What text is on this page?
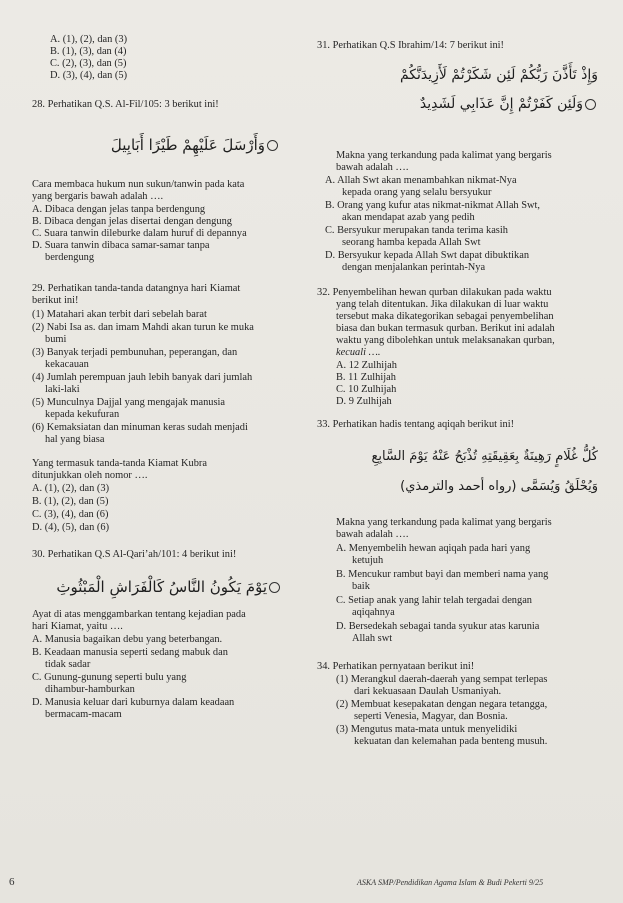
A. (1), (2), dan (3)
B. (1), (3), dan (4)
C. (2), (3), dan (5)
D. (3), (4), dan (5)
28. Perhatikan Q.S. Al-Fil/105: 3 berikut ini!
وَأَرْسَلَ عَلَيْهِمْ طَيْرًا أَبَابِيلَ
Cara membaca hukum nun sukun/tanwin pada kata
yang bergaris bawah adalah ….
A. Dibaca dengan jelas tanpa berdengung
B. Dibaca dengan jelas disertai dengan dengung
C. Suara tanwin dileburke dalam huruf di depannya
D. Suara tanwin dibaca samar-samar tanpa
berdengung
29. Perhatikan tanda-tanda datangnya hari Kiamat
berikut ini!
(1) Matahari akan terbit dari sebelah barat
(2) Nabi Isa as. dan imam Mahdi akan turun ke muka
bumi
(3) Banyak terjadi pembunuhan, peperangan, dan
kekacauan
(4) Jumlah perempuan jauh lebih banyak dari jumlah
laki-laki
(5) Munculnya Dajjal yang mengajak manusia
kepada kekufuran
(6) Kemaksiatan dan minuman keras sudah menjadi
hal yang biasa
Yang termasuk tanda-tanda Kiamat Kubra
ditunjukkan oleh nomor ….
A. (1), (2), dan (3)
B. (1), (2), dan (5)
C. (3), (4), dan (6)
D. (4), (5), dan (6)
30. Perhatikan Q.S Al-Qari’ah/101: 4 berikut ini!
يَوْمَ يَكُونُ النَّاسُ كَالْفَرَاشِ الْمَبْثُوثِ
Ayat di atas menggambarkan tentang kejadian pada
hari Kiamat, yaitu ….
A. Manusia bagaikan debu yang beterbangan.
B. Keadaan manusia seperti sedang mabuk dan
tidak sadar
C. Gunung-gunung seperti bulu yang
dihambur-hamburkan
D. Manusia keluar dari kuburnya dalam keadaan
bermacam-macam
31. Perhatikan Q.S Ibrahim/14: 7 berikut ini!
وَإِذْ تَأَذَّنَ رَبُّكُمْ لَئِن شَكَرْتُمْ لَأَزِيدَنَّكُمْ
وَلَئِن كَفَرْتُمْ إِنَّ عَذَابِي لَشَدِيدٌ
Makna yang terkandung pada kalimat yang bergaris
bawah adalah ….
A. Allah Swt akan menambahkan nikmat-Nya
kepada orang yang selalu bersyukur
B. Orang yang kufur atas nikmat-nikmat Allah Swt,
akan mendapat azab yang pedih
C. Bersyukur merupakan tanda terima kasih
seorang hamba kepada Allah Swt
D. Bersyukur kepada Allah Swt dapat dibuktikan
dengan menjalankan perintah-Nya
32. Penyembelihan hewan qurban dilakukan pada waktu
yang telah ditentukan. Jika dilakukan di luar waktu
tersebut maka dikategorikan sebagai penyembelihan
biasa dan bukan termasuk qurban. Berikut ini adalah
waktu yang dibolehkan untuk melaksanakan qurban,
kecuali ….
A. 12 Zulhijah
B. 11 Zulhijah
C. 10 Zulhijah
D. 9 Zulhijah
33. Perhatikan hadis tentang aqiqah berikut ini!
كُلُّ غُلَامٍ رَهِينَةٌ بِعَقِيقَتِهِ تُذْبَحُ عَنْهُ يَوْمَ السَّابِعِ
وَيُحْلَقُ وَيُسَمَّى (رواه أحمد والترمذي)
Makna yang terkandung pada kalimat yang bergaris
bawah adalah ….
A. Menyembelih hewan aqiqah pada hari yang
ketujuh
B. Mencukur rambut bayi dan memberi nama yang
baik
C. Setiap anak yang lahir telah tergadai dengan
aqiqahnya
D. Bersedekah sebagai tanda syukur atas karunia
Allah swt
34. Perhatikan pernyataan berikut ini!
(1) Merangkul daerah-daerah yang sempat terlepas
dari kekuasaan Daulah Usmaniyah.
(2) Membuat kesepakatan dengan negara tetangga,
seperti Venesia, Magyar, dan Bosnia.
(3) Mengutus mata-mata untuk menyelidiki
kekuatan dan kelemahan pada benteng musuh.
6	ASKA SMP/Pendidikan Agama Islam & Budi Pekerti 9/25
